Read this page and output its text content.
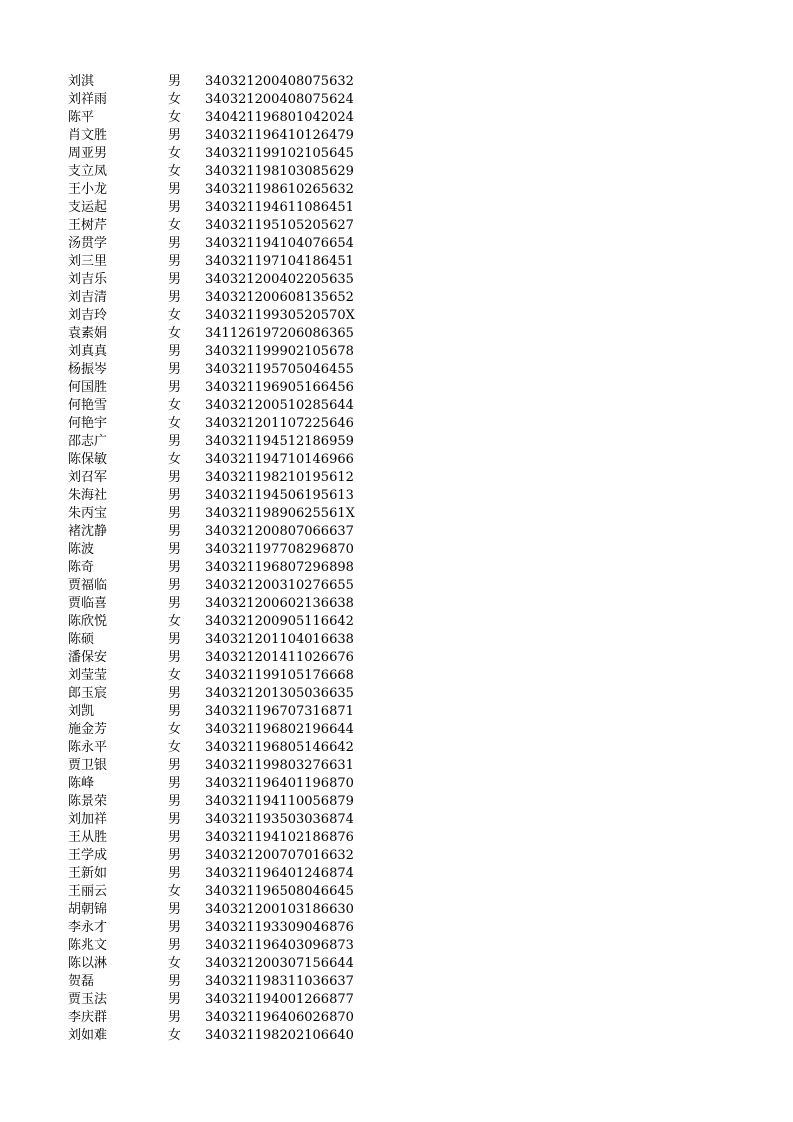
刘淇	男	340321200408075632
刘祥雨	女	340321200408075624
陈平	女	340421196801042024
肖文胜	男	340321196410126479
周亚男	女	340321199102105645
支立凤	女	340321198103085629
王小龙	男	340321198610265632
支运起	男	340321194611086451
王树芹	女	340321195105205627
汤贯学	男	340321194104076654
刘三里	男	340321197104186451
刘吉乐	男	340321200402205635
刘吉清	男	340321200608135652
刘吉玲	女	34032119930520570X
袁素娟	女	341126197206086365
刘真真	男	340321199902105678
杨振岑	男	340321195705046455
何国胜	男	340321196905166456
何艳雪	女	340321200510285644
何艳宇	女	340321201107225646
邵志广	男	340321194512186959
陈保敏	女	340321194710146966
刘召军	男	340321198210195612
朱海社	男	340321194506195613
朱丙宝	男	34032119890625561X
褚沈静	男	340321200807066637
陈波	男	340321197708296870
陈奇	男	340321196807296898
贾福临	男	340321200310276655
贾临喜	男	340321200602136638
陈欣悦	女	340321200905116642
陈硕	男	340321201104016638
潘保安	男	340321201411026676
刘莹莹	女	340321199105176668
郎玉宸	男	340321201305036635
刘凯	男	340321196707316871
施金芳	女	340321196802196644
陈永平	女	340321196805146642
贾卫银	男	340321199803276631
陈峰	男	340321196401196870
陈景荣	男	340321194110056879
刘加祥	男	340321193503036874
王从胜	男	340321194102186876
王学成	男	340321200707016632
王新如	男	340321196401246874
王丽云	女	340321196508046645
胡朝锦	男	340321200103186630
李永才	男	340321193309046876
陈兆文	男	340321196403096873
陈以淋	女	340321200307156644
贺磊	男	340321198311036637
贾玉法	男	340321194001266877
李庆群	男	340321196406026870
刘如难	女	340321198202106640
